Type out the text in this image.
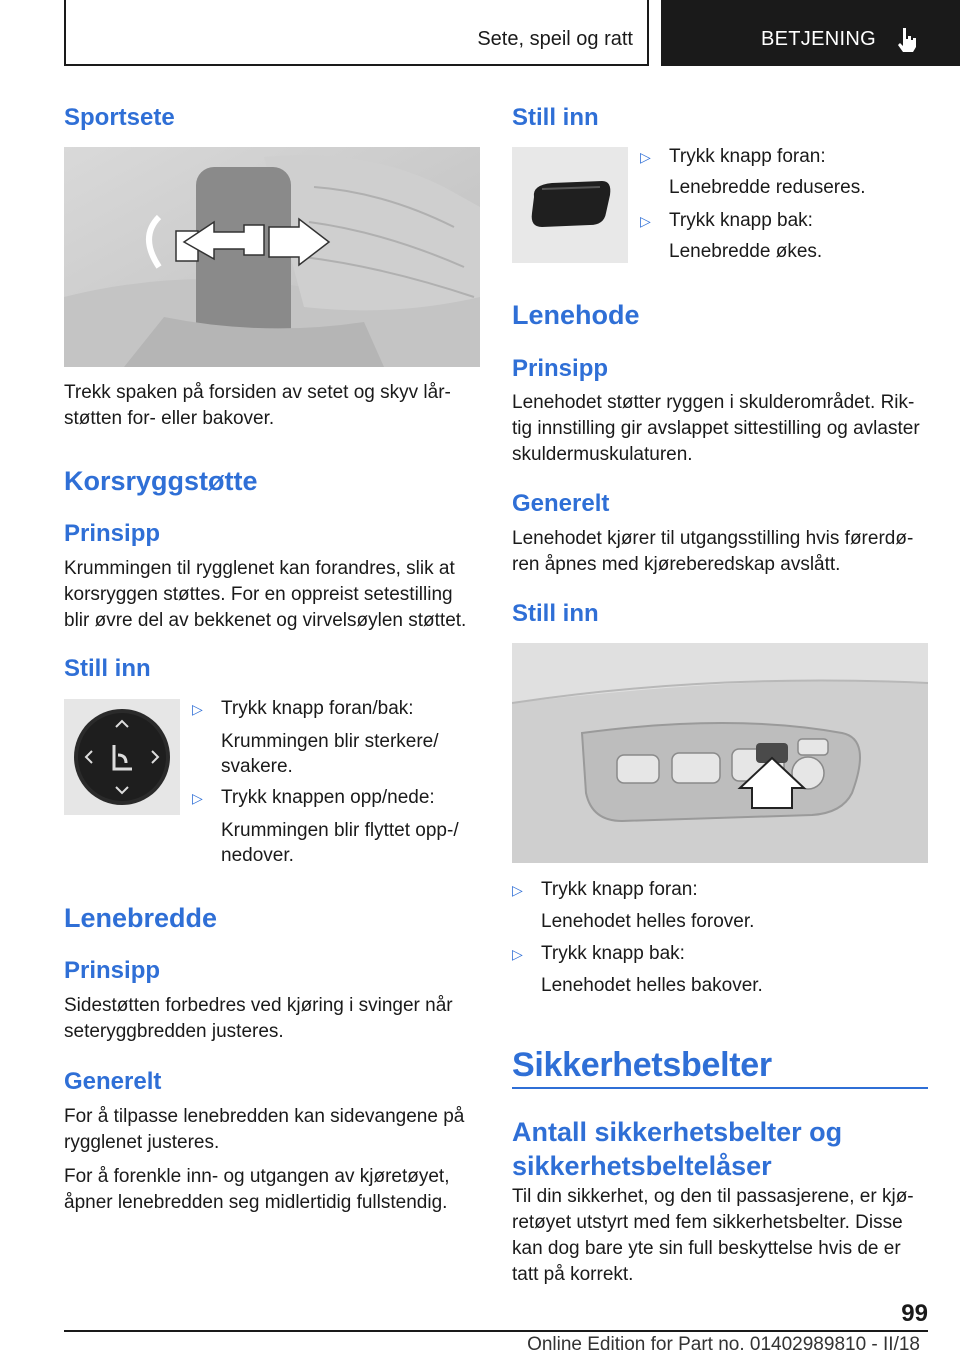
Sete, speil og ratt	BETJENING
Sportsete

Trekk spaken på forsiden av setet og skyv lår-

støtten for- eller bakover.

Korsryggstøtte
Prinsipp

Krummingen til rygglenet kan forandres, slik at

korsryggen støttes. For en oppreist setestilling

blir øvre del av bekkenet og virvelsøylen støttet.

Still inn
▷ Trykk knapp foran/bak:
Krummingen blir sterkere/
svakere.
▷ Trykk knappen opp/nede:
Krummingen blir flyttet opp-/
nedover.
Lenebredde
Prinsipp

Sidestøtten forbedres ved kjøring i svinger når

seteryggbredden justeres.

Generelt

For å tilpasse lenebredden kan sidevangene på

rygglenet justeres.

For å forenkle inn- og utgangen av kjøretøyet,

åpner lenebredden seg midlertidig fullstendig.

Still inn
▷ Trykk knapp foran:
Lenebredde reduseres.
▷ Trykk knapp bak:
Lenebredde økes.
Lenehode
Prinsipp

Lenehodet støtter ryggen i skulderområdet. Rik-

tig innstilling gir avslappet sittestilling og avlaster

skuldermuskulaturen.

Generelt

Lenehodet kjører til utgangsstilling hvis førerdø-

ren åpnes med kjøreberedskap avslått.

Still inn
▷ Trykk knapp foran:
Lenehodet helles forover.
▷ Trykk knapp bak:
Lenehodet helles bakover.
Sikkerhetsbelter
Antall sikkerhetsbelter og
sikkerhetsbeltelåser

Til din sikkerhet, og den til passasjerene, er kjø-

retøyet utstyrt med fem sikkerhetsbelter. Disse

kan dog bare yte sin full beskyttelse hvis de er

tatt på korrekt.

99
Online Edition for Part no. 01402989810 - II/18
